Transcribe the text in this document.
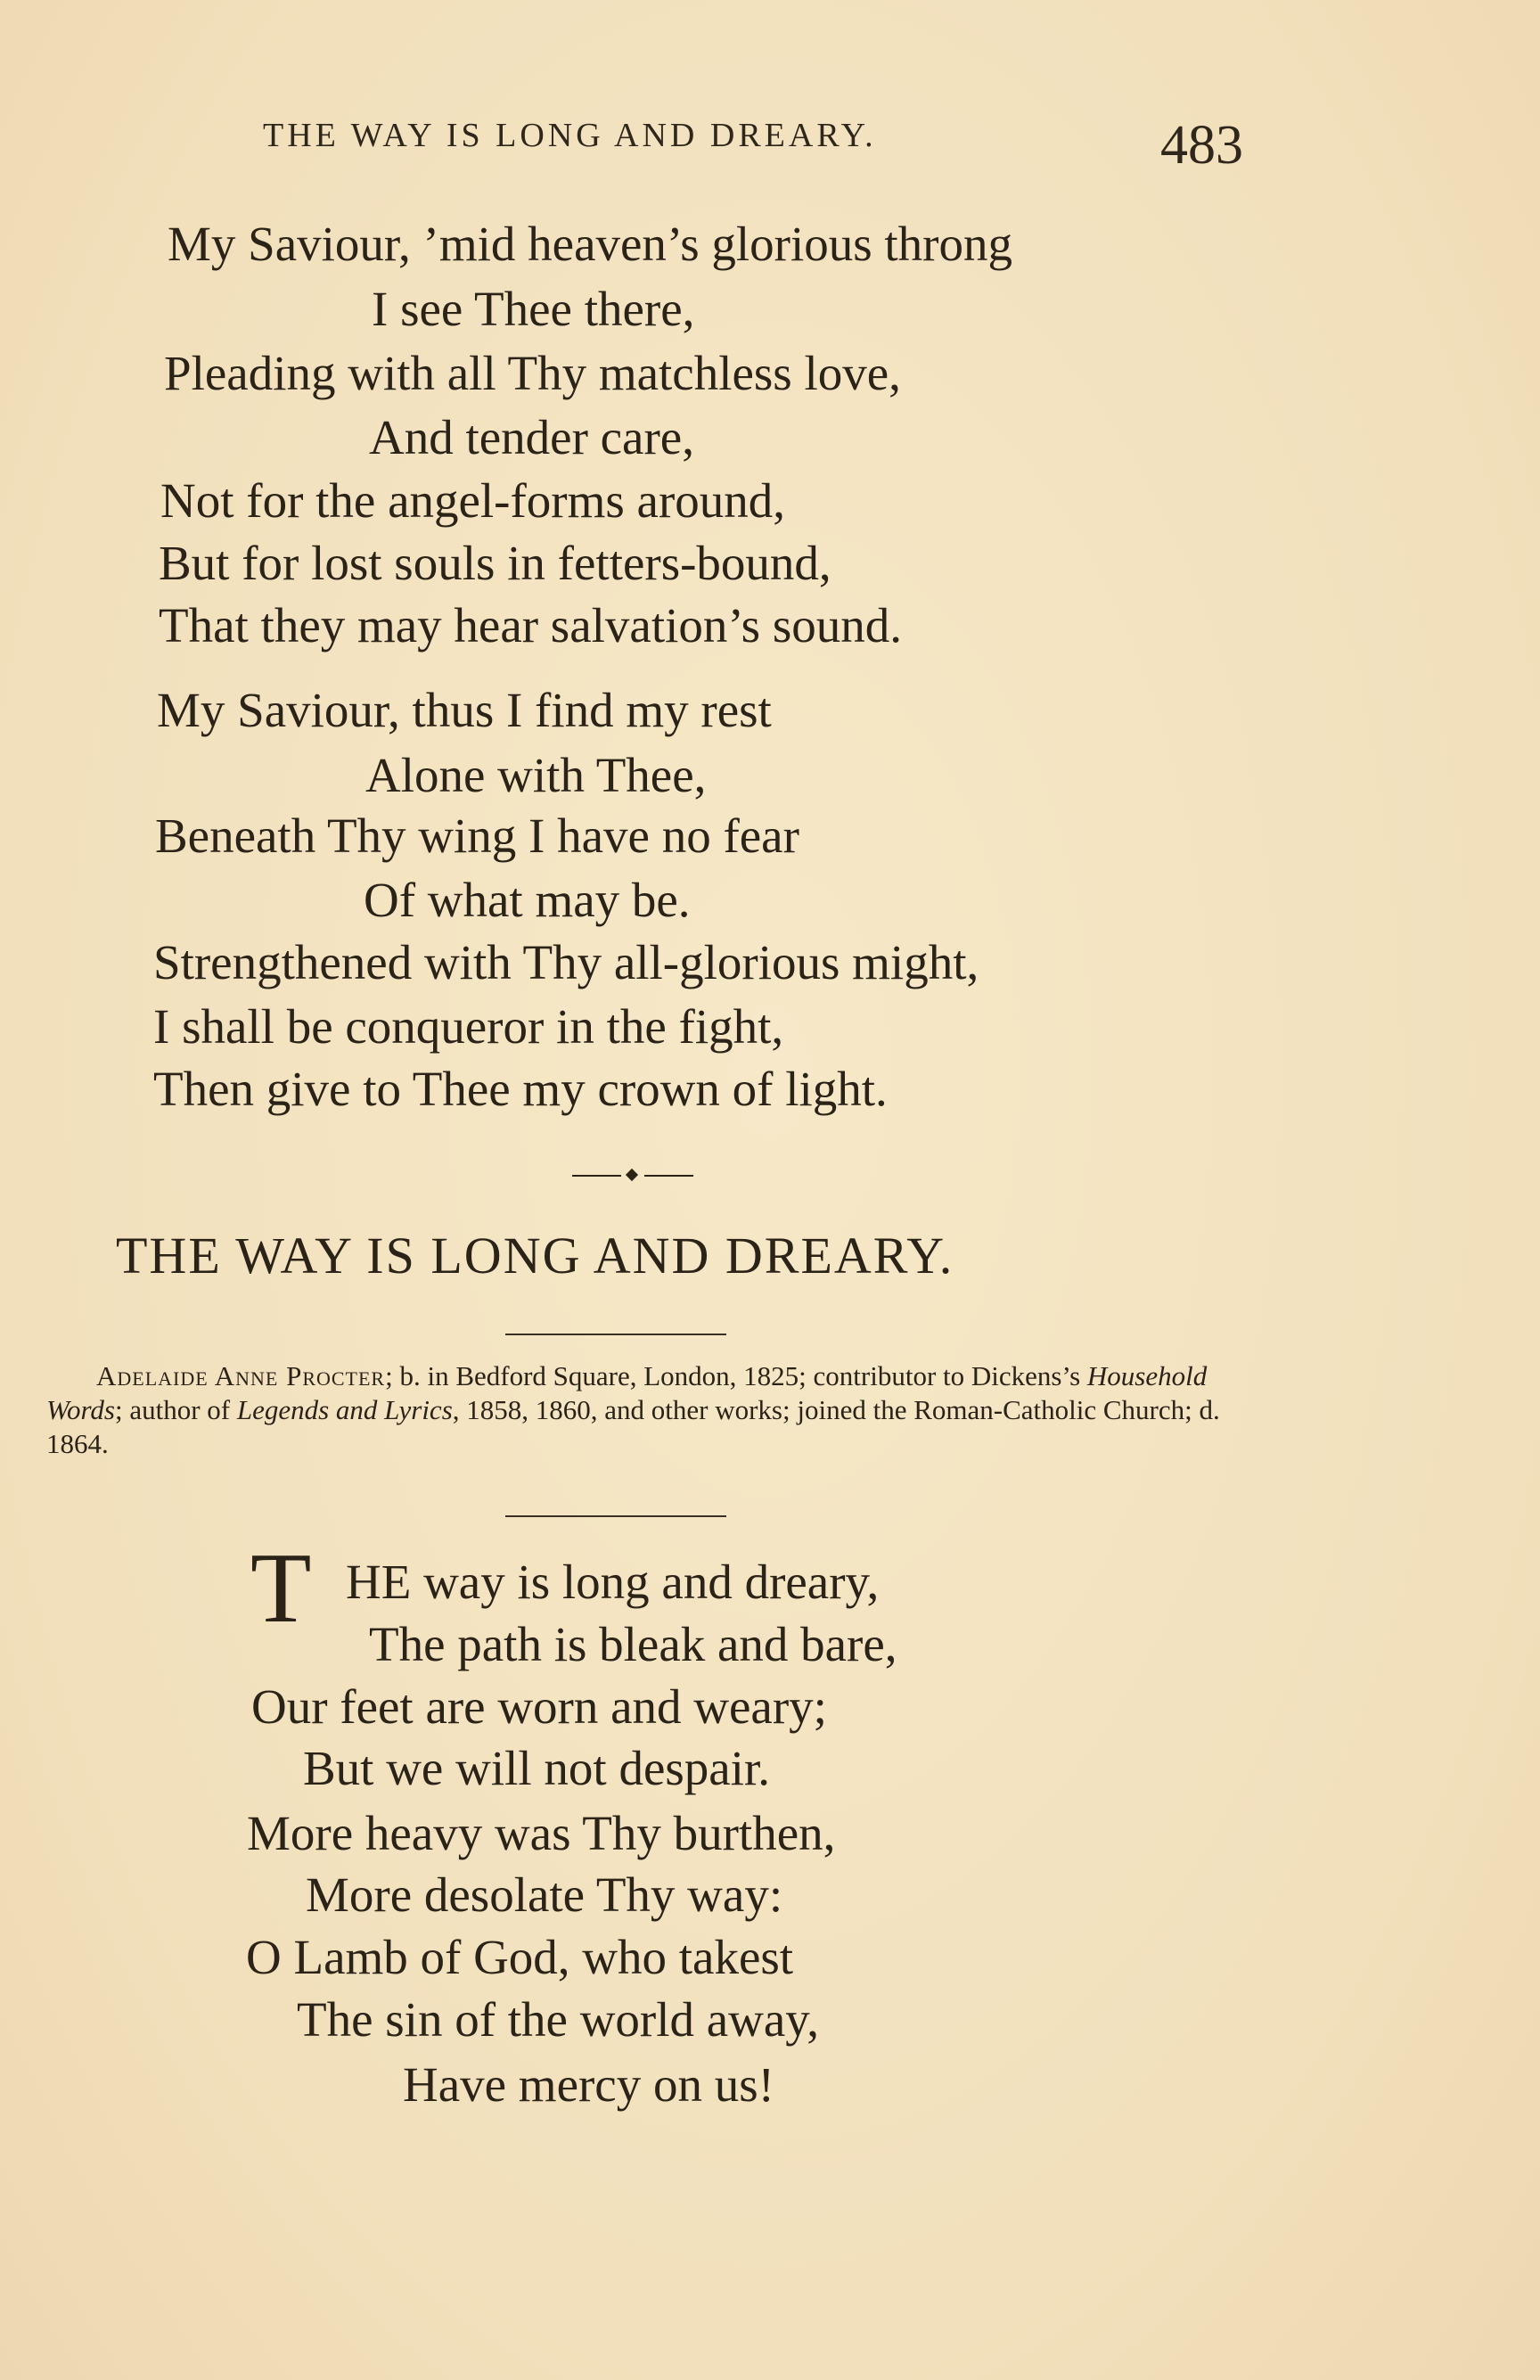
THE WAY IS LONG AND DREARY.	483
My Saviour, ’mid heaven’s glorious throng
I see Thee there,
Pleading with all Thy matchless love,
And tender care,
Not for the angel-forms around,
But for lost souls in fetters-bound,
That they may hear salvation’s sound.
My Saviour, thus I find my rest
Alone with Thee,
Beneath Thy wing I have no fear
Of what may be.
Strengthened with Thy all-glorious might,
I shall be conqueror in the fight,
Then give to Thee my crown of light.
THE WAY IS LONG AND DREARY.
Adelaide Anne Procter; b. in Bedford Square, London, 1825; contributor to Dickens’s Household Words; author of Legends and Lyrics, 1858, 1860, and other works; joined the Roman-Catholic Church; d. 1864.
T HE way is long and dreary,
The path is bleak and bare,
Our feet are worn and weary;
But we will not despair.
More heavy was Thy burthen,
More desolate Thy way:
O Lamb of God, who takest
The sin of the world away,
Have mercy on us!
